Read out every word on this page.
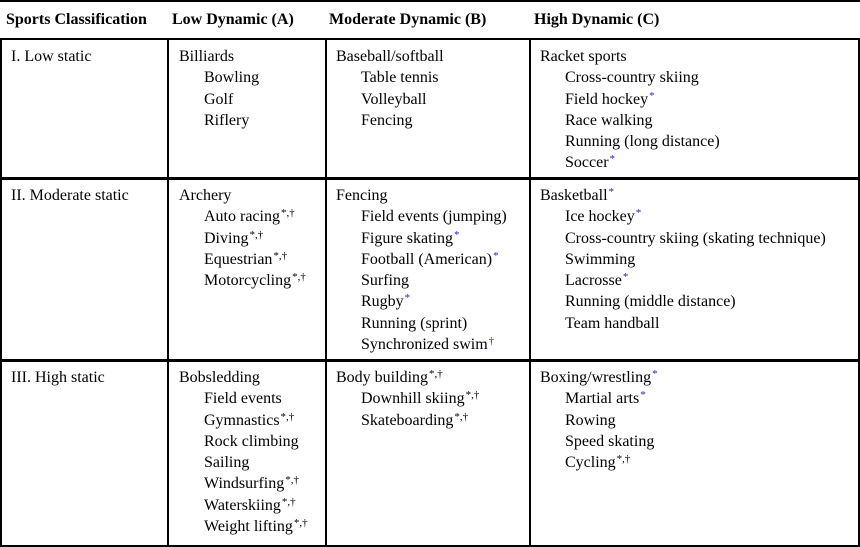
Sports Classification Low Dynamic (A) Moderate Dynamic (B)	High Dynamic (C)
I. Low static
II. Moderate static
III. High static
Billiards
Bowling
Golf
Riflery
Baseball/softball
Table tennis
Volleyball
Fencing
Racket sports
Cross-country skiing
Field hockey*
Race walking
Running (long distance)
Soccer*
Archery
Auto racing*,†
Diving*,†
Equestrian*,†
Motorcycling*,†
Fencing
Field events (jumping)
Figure skating*
Football (American)*
Surfing
Rugby*
Running (sprint)
Synchronized swim†
Basketball*
Ice hockey*
Cross-country skiing (skating technique)
Swimming
Lacrosse*
Running (middle distance)
Team handball
Bobsledding
Field events
Gymnastics*,†
Rock climbing
Sailing
Windsurfing*,†
Waterskiing*,†
Weight lifting*,†
Body building*,†
Downhill skiing*,†
Skateboarding*,†
Boxing/wrestling*
Martial arts*
Rowing
Speed skating
Cycling*,†
